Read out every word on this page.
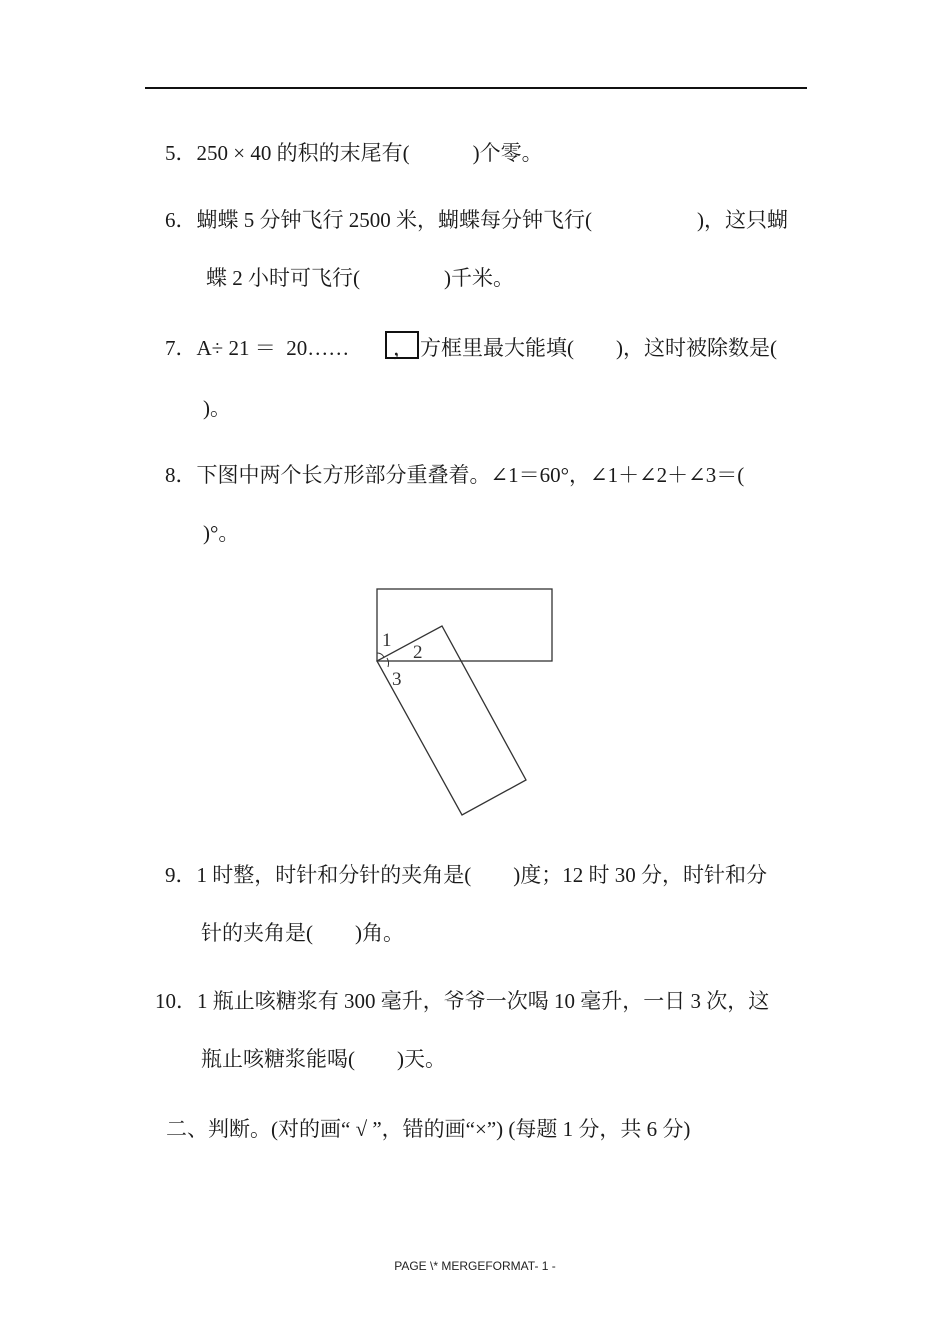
5．250 × 40 的积的末尾有(　　　)个零。
6．蝴蝶 5 分钟飞行 2500 米，蝴蝶每分钟飞行(　　　　　)，这只蝴
蝶 2 小时可飞行(　　　　)千米。
7．A÷ 21 ＝  20…… ， 方框里最大能填(　　)，这时被除数是(
)。
8．下图中两个长方形部分重叠着。∠1＝60°，∠1＋∠2＋∠3＝(
)°。
1
2
3
9．1 时整，时针和分针的夹角是(　　)度；12 时 30 分，时针和分
针的夹角是(　　)角。
10．1 瓶止咳糖浆有 300 毫升，爷爷一次喝 10 毫升，一日 3 次，这
瓶止咳糖浆能喝(　　)天。
二、判断。(对的画“ √ ”，错的画“×”) (每题 1 分，共 6 分)
PAGE \* MERGEFORMAT- 1 -
